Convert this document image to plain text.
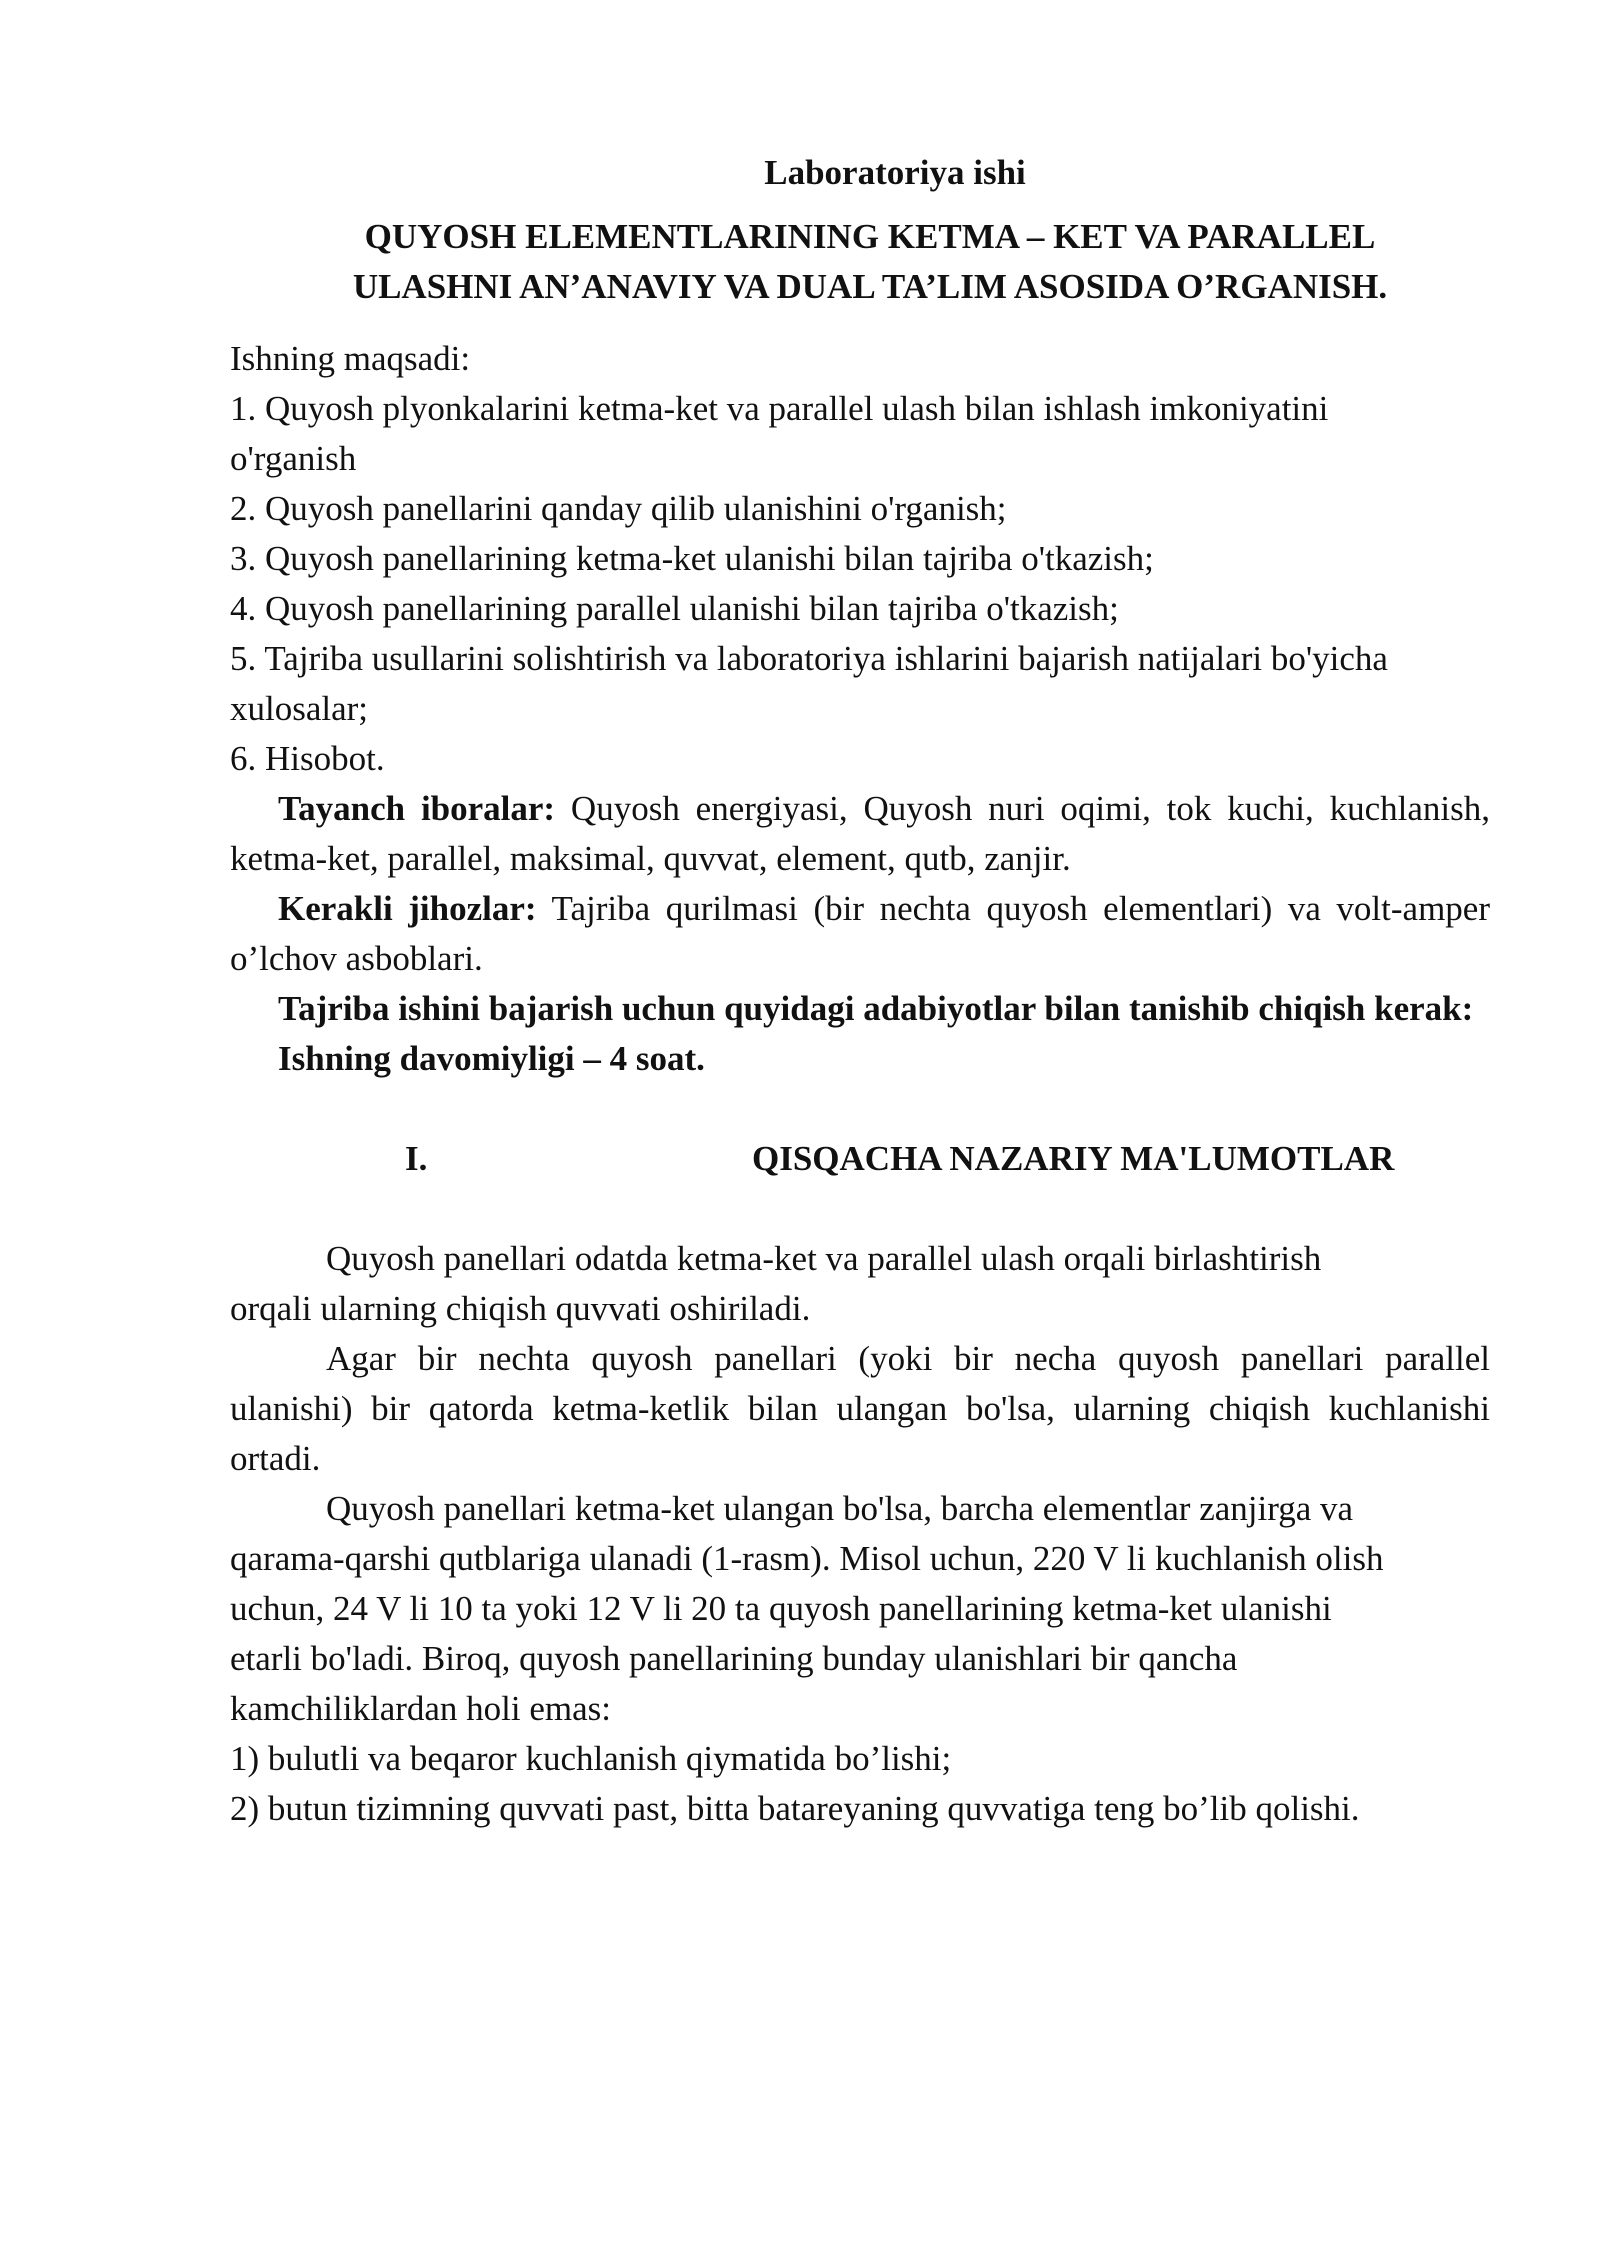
Laboratoriya ishi

QUYOSH ELEMENTLARINING KETMA – KET VA PARALLEL
ULASHNI AN’ANAVIY VA DUAL TA’LIM ASOSIDA O’RGANISH.

Ishning maqsadi:

1. Quyosh plyonkalarini ketma-ket va parallel ulash bilan ishlash imkoniyatini

o'rganish

2. Quyosh panellarini qanday qilib ulanishini o'rganish;

3. Quyosh panellarining ketma-ket ulanishi bilan tajriba o'tkazish;

4. Quyosh panellarining parallel ulanishi bilan tajriba o'tkazish;

5. Tajriba usullarini solishtirish va laboratoriya ishlarini bajarish natijalari bo'yicha

xulosalar;

6. Hisobot.

Tayanch iboralar: Quyosh energiyasi, Quyosh nuri oqimi, tok kuchi, kuchlanish, ketma-ket, parallel, maksimal, quvvat, element, qutb, zanjir.

Kerakli jihozlar: Tajriba qurilmasi (bir nechta quyosh elementlari) va volt-amper o’lchov asboblari.

Tajriba ishini bajarish uchun quyidagi adabiyotlar bilan tanishib chiqish kerak:

Ishning davomiyligi – 4 soat.

I.	QISQACHA NAZARIY MA'LUMOTLAR

Quyosh panellari odatda ketma-ket va parallel ulash orqali birlashtirish

orqali ularning chiqish quvvati oshiriladi.

Agar bir nechta quyosh panellari (yoki bir necha quyosh panellari parallel ulanishi) bir qatorda ketma-ketlik bilan ulangan bo'lsa, ularning chiqish kuchlanishi ortadi.

Quyosh panellari ketma-ket ulangan bo'lsa, barcha elementlar zanjirga va

qarama-qarshi qutblariga ulanadi (1-rasm). Misol uchun, 220 V li kuchlanish olish

uchun, 24 V li 10 ta yoki 12 V li 20 ta quyosh panellarining ketma-ket ulanishi

etarli bo'ladi. Biroq, quyosh panellarining bunday ulanishlari bir qancha

kamchiliklardan holi emas:

1) bulutli va beqaror kuchlanish qiymatida bo’lishi;

2) butun tizimning quvvati past, bitta batareyaning quvvatiga teng bo’lib qolishi.
